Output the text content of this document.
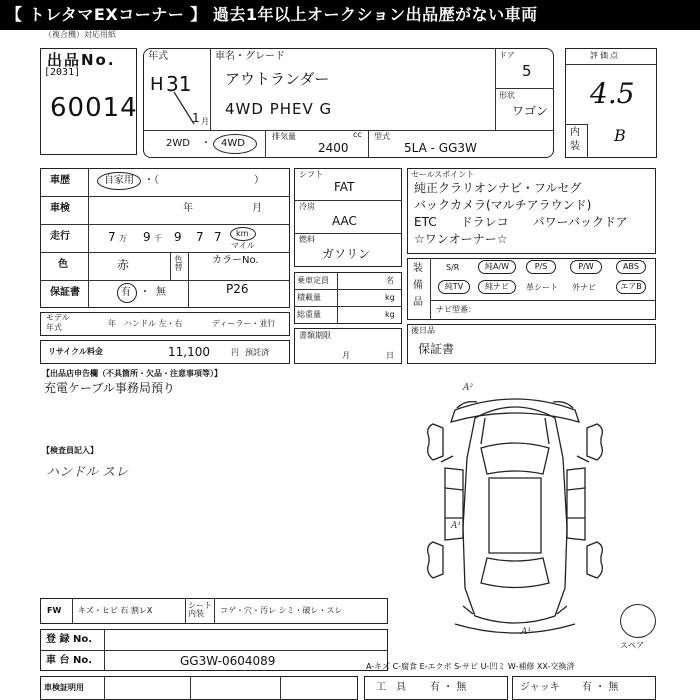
【 トレタマEXコーナー 】 過去1年以上オークション出品歴がない車両
（複合機）対応用紙
出品No.
[2031]
60014
年式
H 31
1 月
車名・グレード
アウトランダー
4WD PHEV G
ドア
5
形状
ワゴン
2WD ・ 4WD
排気量	cc
2400
型式
5LA - GG3W
評価点
4.5
内
装
B
車歴	自家用 ・（	）
車検	年	月
走行	7 万 9 千 9 7 7 km
マイル
色	赤	色替	カラーNo.
P26
保証書	有 ・ 無
モデル
年式	年 ハンドル 左・右	ディーラー・並行
リサイクル料金	11,100	円 預託済
シフト
FAT
冷房
AAC
燃料
ガソリン
乗車定員	名
積載量	kg
総重量	kg
書類期限
月	日
セールスポイント
純正クラリオンナビ・フルセグ
バックカメラ(マルチアラウンド)
ETC　　ドラレコ　　パワーバックドア
☆ワンオーナー☆
装
備
品
S/R	純A/W	P/S	P/W	ABS
純TV	純ナビ	革シート 外ナビ	エアB
ナビ型番：
後日品
保証書
【出品店申告欄（不具箇所・欠品・注意事項等）】
充電ケーブル事務局預り
【検査員記入】
ハンドル スレ
A²
A¹
A¹
スペア
FW キズ・ヒビ 石 割レX
シート内装	コゲ・穴・汚レ シミ・破レ・スレ
登 録 No.
車 台 No.	GG3W-0604089
車検証明用
A-キズ C-腐食 E-エクボ S-サビ U-凹ミ W-補修 XX-交換済
工　具 有 ・ 無	ジャッキ 有 ・ 無
